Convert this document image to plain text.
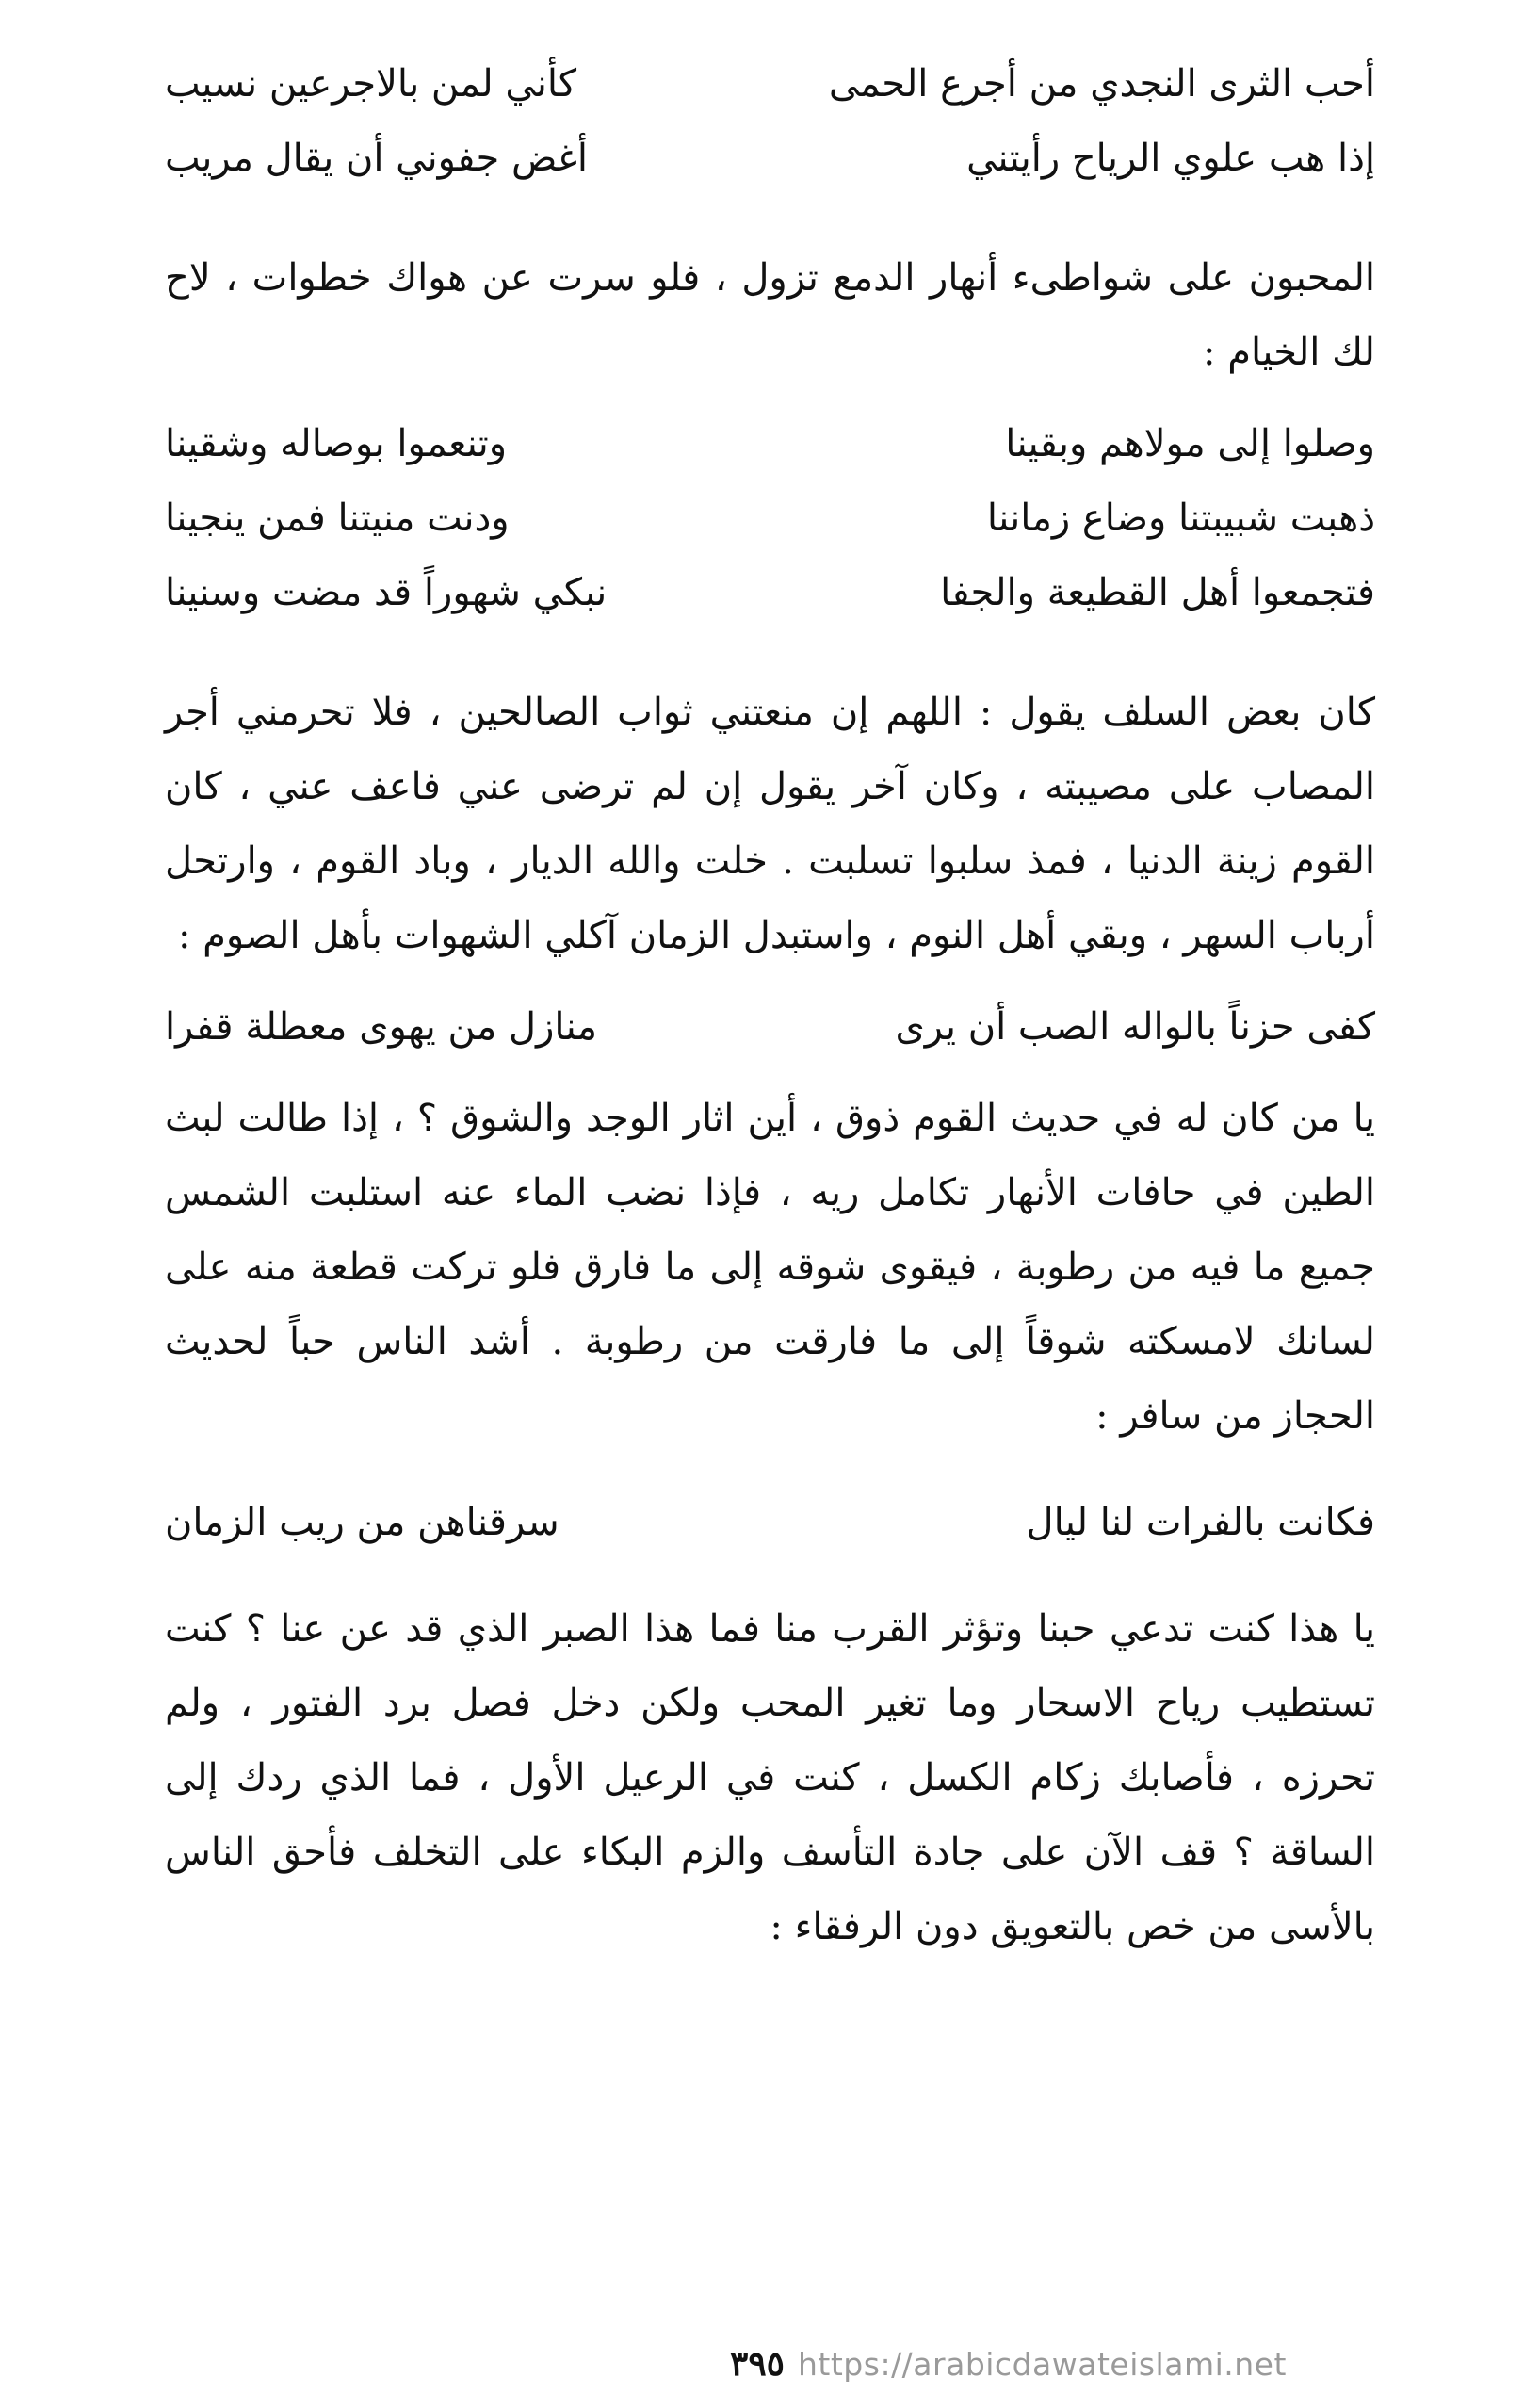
أحب الثرى النجدي من أجرع الحمى
كأني لمن بالاجرعين نسيب
إذا هب علوي الرياح رأيتني
أغض جفوني أن يقال مريب

المحبون على شواطىء أنهار الدمع تزول ، فلو سرت عن هواك خطوات ، لاح لك الخيام :

وصلوا إلى مولاهم وبقينا
وتنعموا بوصاله وشقينا
ذهبت شبيبتنا وضاع زماننا
ودنت منيتنا فمن ينجينا
فتجمعوا أهل القطيعة والجفا
نبكي شهوراً قد مضت وسنينا

كان بعض السلف يقول : اللهم إن منعتني ثواب الصالحين ، فلا تحرمني أجر المصاب على مصيبته ، وكان آخر يقول إن لم ترضى عني فاعف عني ، كان القوم زينة الدنيا ، فمذ سلبوا تسلبت . خلت والله الديار ، وباد القوم ، وارتحل أرباب السهر ، وبقي أهل النوم ، واستبدل الزمان آكلي الشهوات بأهل الصوم :

كفى حزناً بالواله الصب أن يرى
منازل من يهوى معطلة قفرا

يا من كان له في حديث القوم ذوق ، أين اثار الوجد والشوق ؟ ، إذا طالت لبث الطين في حافات الأنهار تكامل ريه ، فإذا نضب الماء عنه استلبت الشمس جميع ما فيه من رطوبة ، فيقوى شوقه إلى ما فارق فلو تركت قطعة منه على لسانك لامسكته شوقاً إلى ما فارقت من رطوبة . أشد الناس حباً لحديث الحجاز من سافر :

فكانت بالفرات لنا ليال
سرقناهن من ريب الزمان

يا هذا كنت تدعي حبنا وتؤثر القرب منا فما هذا الصبر الذي قد عن عنا ؟ كنت تستطيب رياح الاسحار وما تغير المحب ولكن دخل فصل برد الفتور ، ولم تحرزه ، فأصابك زكام الكسل ، كنت في الرعيل الأول ، فما الذي ردك إلى الساقة ؟ قف الآن على جادة التأسف والزم البكاء على التخلف فأحق الناس بالأسى من خص بالتعويق دون الرفقاء :

٣٩٥ https://arabicdawateislami.net
